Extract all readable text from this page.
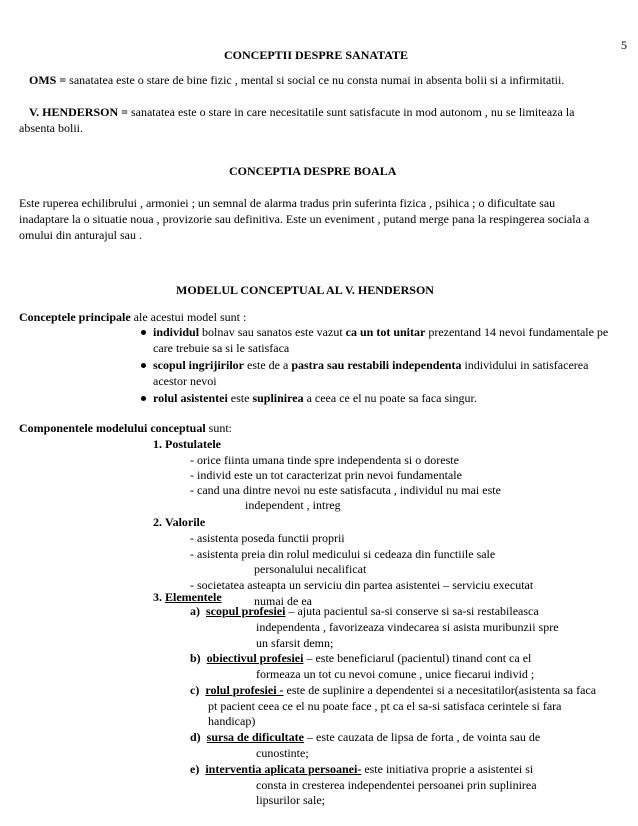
5
CONCEPTII DESPRE SANATATE
OMS = sanatatea este o stare de bine fizic , mental si social ce nu consta numai in absenta bolii si a infirmitatii.
V. HENDERSON = sanatatea este o stare in care necesitatile sunt satisfacute in mod autonom , nu se limiteaza la
absenta bolii.
CONCEPTIA DESPRE BOALA
Este ruperea echilibrului , armoniei ; un semnal de alarma tradus prin suferinta fizica , psihica ; o dificultate sau
inadaptare la o situatie noua , provizorie sau definitiva. Este un eveniment , putand merge pana la respingerea sociala a
omului din anturajul sau .
MODELUL CONCEPTUAL AL V. HENDERSON
Conceptele principale ale acestui model sunt :
individul bolnav sau sanatos este vazut ca un tot unitar prezentand 14 nevoi fundamentale pe
care trebuie sa si le satisfaca
scopul ingrijirilor este de a pastra sau restabili independenta individului in satisfacerea
acestor nevoi
rolul asistentei este suplinirea a ceea ce el nu poate sa faca singur.
Componentele modelului conceptual sunt:
1. Postulatele
- orice fiinta umana tinde spre independenta si o doreste
- individ este un tot caracterizat prin nevoi fundamentale
- cand una dintre nevoi nu este satisfacuta , individul nu mai este
independent , intreg
2. Valorile
- asistenta poseda functii proprii
- asistenta preia din rolul medicului si cedeaza din functiile sale
personalului necalificat
- societatea asteapta un serviciu din partea asistentei – serviciu executat
numai de ea
3. Elementele
a) scopul profesiei – ajuta pacientul sa-si conserve si sa-si restabileasca
independenta , favorizeaza vindecarea si asista muribunzii spre
un sfarsit demn;
b) obiectivul profesiei – este beneficiarul (pacientul) tinand cont ca el
formeaza un tot cu nevoi comune , unice fiecarui individ ;
c) rolul profesiei - este de suplinire a dependentei si a necesitatilor(asistenta sa faca
pt pacient ceea ce el nu poate face , pt ca el sa-si satisfaca cerintele si fara
handicap)
d) sursa de dificultate – este cauzata de lipsa de forta , de vointa sau de
cunostinte;
e) interventia aplicata persoanei- este initiativa proprie a asistentei si
consta in cresterea independentei persoanei prin suplinirea
lipsurilor sale;
